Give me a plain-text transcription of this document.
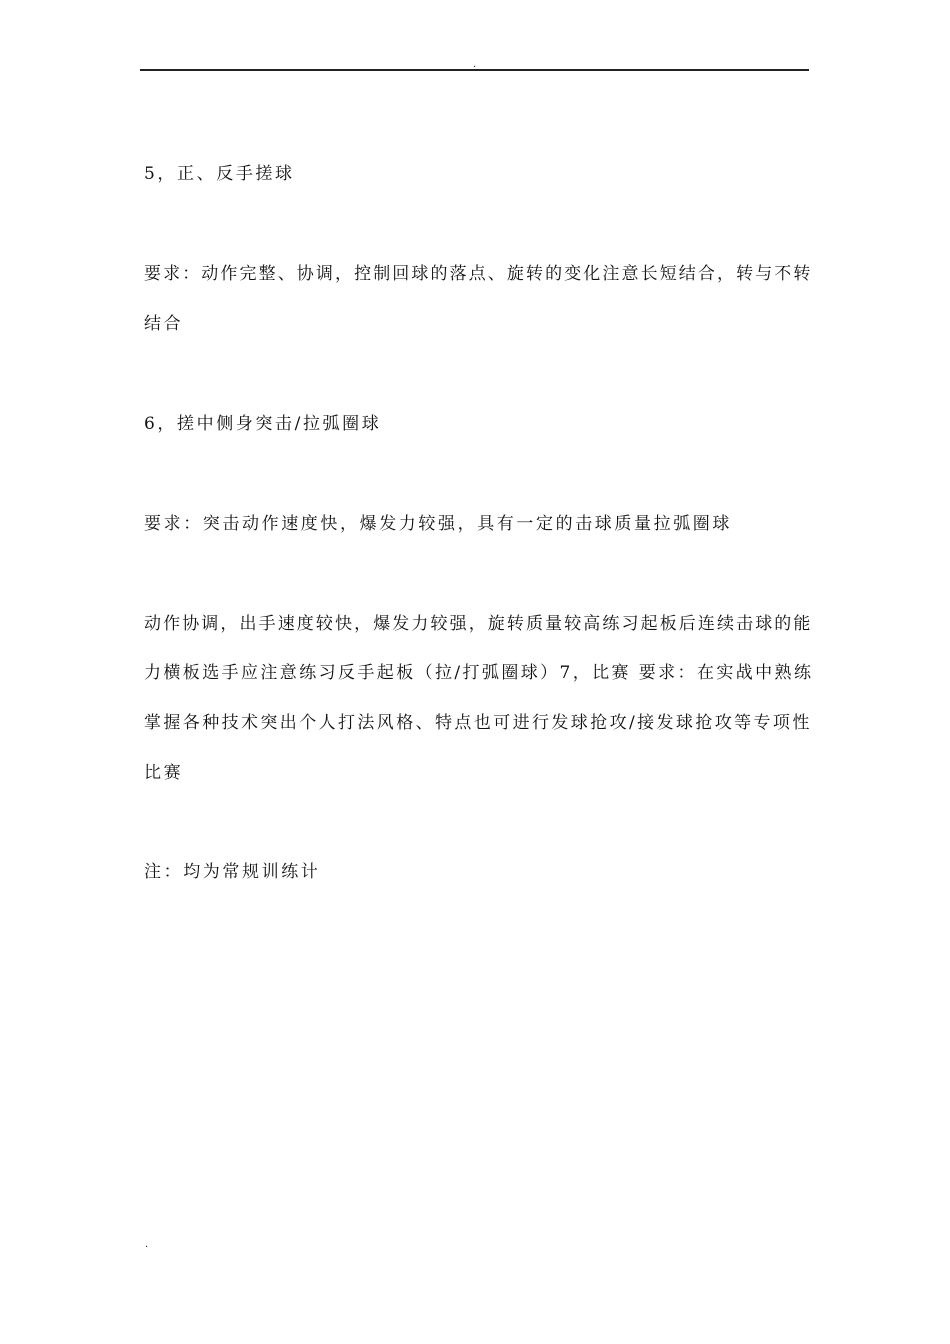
.
5，正、反手搓球
要求：动作完整、协调，控制回球的落点、旋转的变化注意长短结合，转与不转
结合
6，搓中侧身突击/拉弧圈球
要求：突击动作速度快，爆发力较强，具有一定的击球质量拉弧圈球
动作协调，出手速度较快，爆发力较强，旋转质量较高练习起板后连续击球的能
力横板选手应注意练习反手起板（拉/打弧圈球）7，比赛 要求：在实战中熟练
掌握各种技术突出个人打法风格、特点也可进行发球抢攻/接发球抢攻等专项性
比赛
注：均为常规训练计
.
